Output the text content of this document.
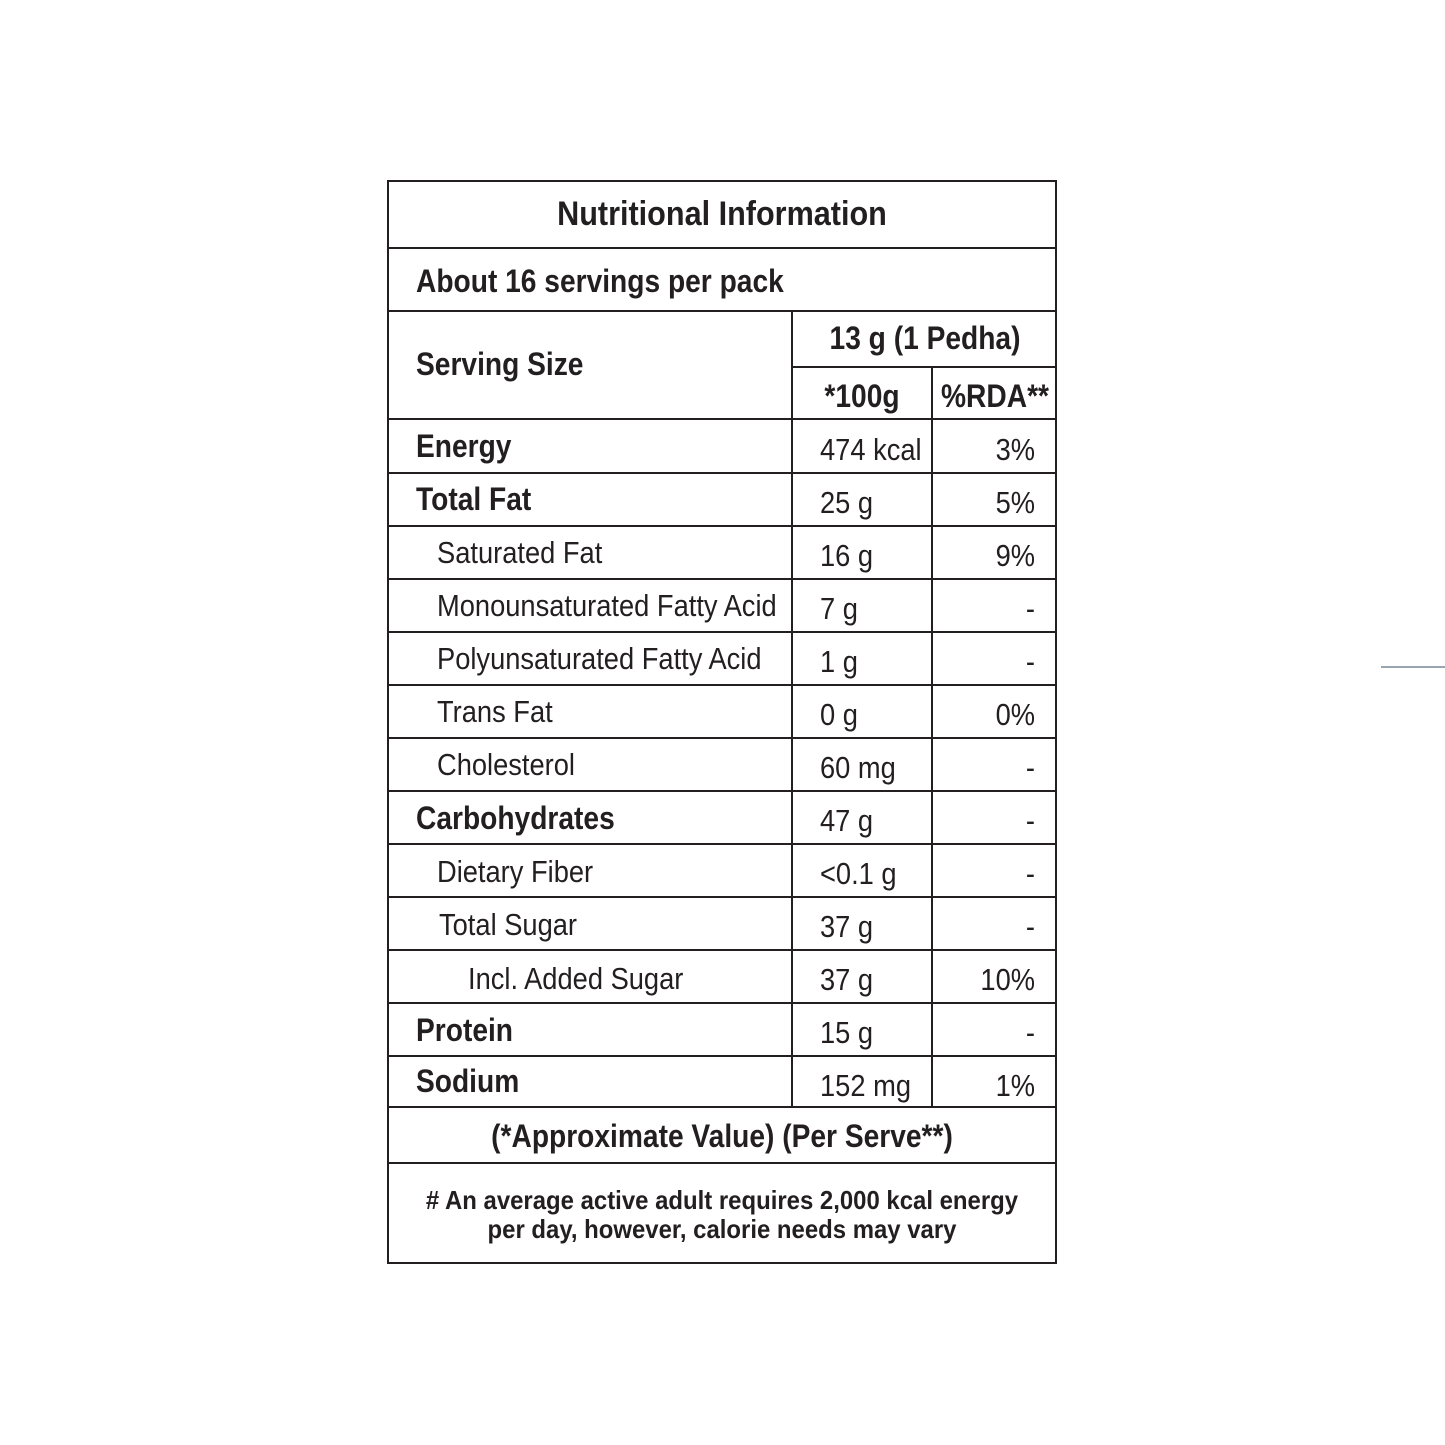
Nutritional Information
About 16 servings per pack
Serving Size
13 g (1 Pedha)
*100g	%RDA**
Energy	474 kcal	3%
Total Fat	25 g	5%
Saturated Fat	16 g	9%
Monounsaturated Fatty Acid 7 g	-
Polyunsaturated Fatty Acid 1 g	-
Trans Fat	0 g	0%
Cholesterol	60 mg	-
Carbohydrates	47 g	-
Dietary Fiber	<0.1 g	-
Total Sugar	37 g	-
Incl. Added Sugar	37 g	10%
Protein	15 g	-
Sodium	152 mg	1%
(*Approximate Value) (Per Serve**)
# An average active adult requires 2,000 kcal energy
per day, however, calorie needs may vary
